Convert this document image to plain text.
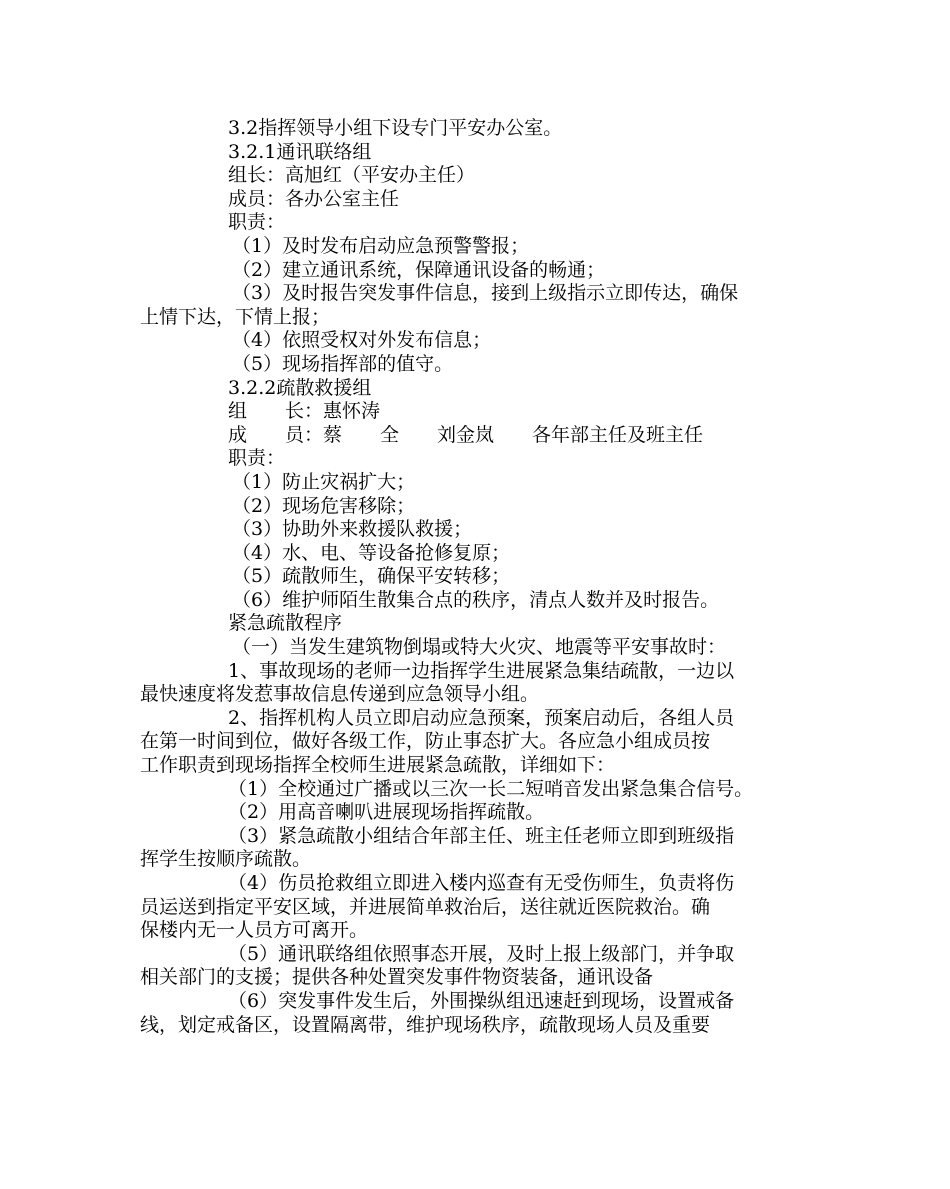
3.2指挥领导小组下设专门平安办公室。
3.2.1通讯联络组
组长：高旭红（平安办主任）
成员：各办公室主任
职责：
（1）及时发布启动应急预警警报；
（2）建立通讯系统，保障通讯设备的畅通；
（3）及时报告突发事件信息，接到上级指示立即传达，确保
上情下达，下情上报；
（4）依照受权对外发布信息；
（5）现场指挥部的值守。
3.2.2疏散救援组
组　　长：惠怀涛
成　　员：蔡　　全　　刘金岚　　各年部主任及班主任
职责：
（1）防止灾祸扩大；
（2）现场危害移除；
（3）协助外来救援队救援；
（4）水、电、等设备抢修复原；
（5）疏散师生，确保平安转移；
（6）维护师陌生散集合点的秩序，清点人数并及时报告。
紧急疏散程序
（一）当发生建筑物倒塌或特大火灾、地震等平安事故时：
1、事故现场的老师一边指挥学生进展紧急集结疏散，一边以
最快速度将发惹事故信息传递到应急领导小组。
2、指挥机构人员立即启动应急预案，预案启动后，各组人员
在第一时间到位，做好各级工作，防止事态扩大。各应急小组成员按
工作职责到现场指挥全校师生进展紧急疏散，详细如下：
（1）全校通过广播或以三次一长二短哨音发出紧急集合信号。
（2）用高音喇叭进展现场指挥疏散。
（3）紧急疏散小组结合年部主任、班主任老师立即到班级指
挥学生按顺序疏散。
（4）伤员抢救组立即进入楼内巡查有无受伤师生，负责将伤
员运送到指定平安区域，并进展简单救治后，送往就近医院救治。确
保楼内无一人员方可离开。
（5）通讯联络组依照事态开展，及时上报上级部门，并争取
相关部门的支援；提供各种处置突发事件物资装备，通讯设备
（6）突发事件发生后，外围操纵组迅速赶到现场，设置戒备
线，划定戒备区，设置隔离带，维护现场秩序，疏散现场人员及重要
